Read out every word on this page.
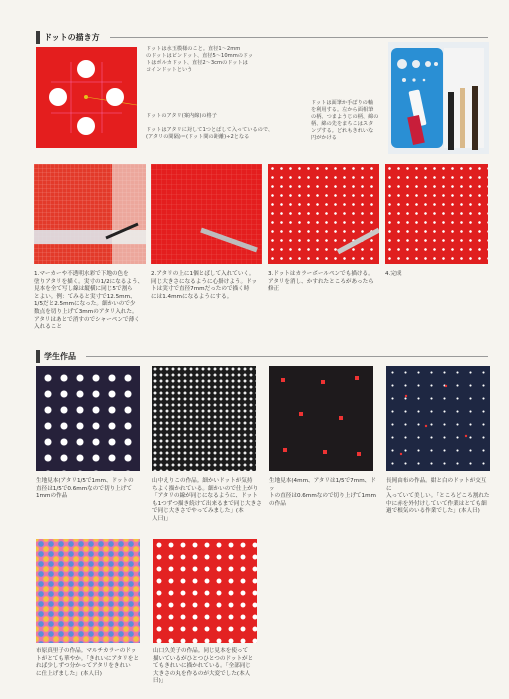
ドットの描き方
ドットは水玉模様のこと。直径1〜2mm
のドットはピンドット、直径5〜10mmのドッ
トはポルカドット、直径2〜3cmのドットは
コインドットという
ドットのアタリ(案内線)の格子
ドットはアタリに対して1つとばして入っているので、
(アタリの間隔)＝(ドット間の距離)÷2となる
ドットは面筆か手ぼりの軸
を利用する。左から面相筆
の柄、つまようじの柄、綿の
柄、綿の先をまちこはスタ
ンプする。どれもきれいな
円がかける
1.マーカーや不透明水彩で下地の色を
塗りアタリを描く。実寸の1/2になるよう、
見本を全て写し線は縦横に同じ5で割ら
とよい。例：てみると実寸で12.5mm、
1/5だと2.5mmになった。細かいので少
数点を切り上げて3mmのアタリ入れた。
アタリはあとで消すのでシャーペンで薄く
入れること
2.アタリの上に1個とばして入れていく。
同じ大きさになるように心掛けよう。ドッ
トは実寸で直径7mmだったので描く時
には1.4mmになるようにする。
3.ドットはカラーボールペンでも描ける。
アタリを消し、かすれたところがあったら
修正
4.完成
学生作品
生地見本(アタリ1/5で1mm、ドットの
直径は1/5で0.6mmなので切り上げて
1mmの作品
山中えりこの作品。細かいドットが気持
ちよく描かれている。細かいので仕上がり
「アタリの線が同じになるように、ドット
も1つずつ描き続けて出来るまで同じ大きさ
で同じ大きさでやってみました」(本
人曰)」
生地見本(4mm、アタリは1/5で7mm、ドッ
トの直径は0.6mmなので切り上げて1mm
の作品
長岡由布の作品。紺と白のドットが交互に
入っていて美しい。「ところどころ割れた
中に赤を外付けしていて作業はとても細
過で根気のいる作業でした」(本人曰)
市原真里子の作品。マルチカラーのドッ
トがとても華やか。「きれいにアタリをと
れば少しずつ分かってアタリをきれい
に仕上げました」(本人曰)
山口久美子の作品。同じ見本を使って
描いているがひとつひとつのドットがと
てもきれいに描かれている。「全部同じ
大きさの丸を作るのが大変でした(本人
曰)」
